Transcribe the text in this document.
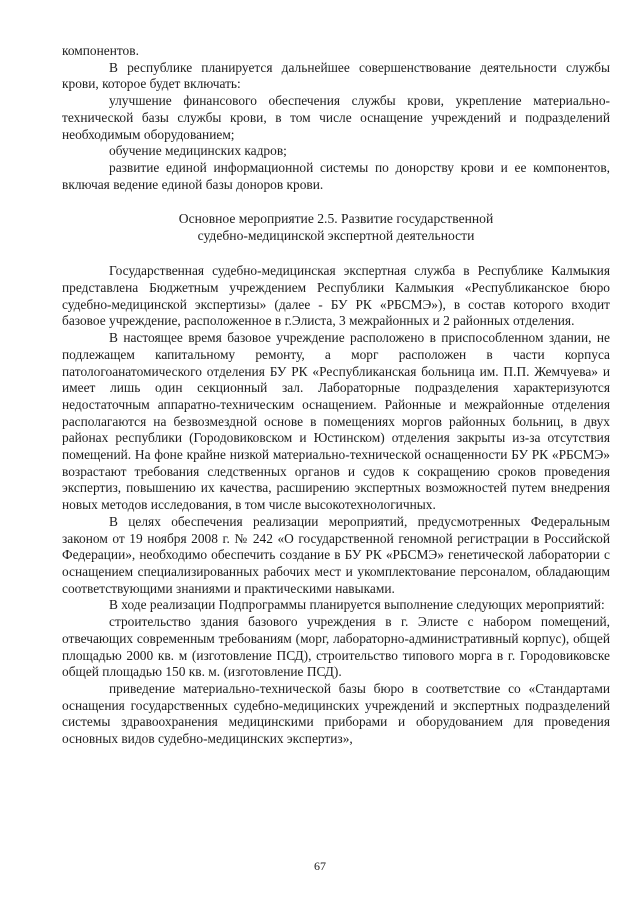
компонентов.

В республике планируется дальнейшее совершенствование деятельности службы крови, которое будет включать:

улучшение финансового обеспечения службы крови, укрепление материально-технической базы службы крови, в том числе оснащение учреждений и подразделений необходимым оборудованием;

обучение медицинских кадров;

развитие единой информационной системы по донорству крови и ее компонентов, включая ведение единой базы доноров крови.

Основное мероприятие 2.5. Развитие государственной
судебно-медицинской экспертной деятельности

Государственная судебно-медицинская экспертная служба в Республике Калмыкия представлена Бюджетным учреждением Республики Калмыкия «Республиканское бюро судебно-медицинской экспертизы» (далее - БУ РК «РБСМЭ»), в состав которого входит базовое учреждение, расположенное в г.Элиста, 3 межрайонных и 2 районных отделения.

В настоящее время базовое учреждение расположено в приспособленном здании, не подлежащем капитальному ремонту, а морг расположен в части корпуса патологоанатомического отделения БУ РК «Республиканская больница им. П.П. Жемчуева» и имеет лишь один секционный зал. Лабораторные подразделения характеризуются недостаточным аппаратно-техническим оснащением. Районные и межрайонные отделения располагаются на безвозмездной основе в помещениях моргов районных больниц, в двух районах республики (Городовиковском и Юстинском) отделения закрыты из-за отсутствия помещений. На фоне крайне низкой материально-технической оснащенности БУ РК «РБСМЭ» возрастают требования следственных органов и судов к сокращению сроков проведения экспертиз, повышению их качества, расширению экспертных возможностей путем внедрения новых методов исследования, в том числе высокотехнологичных.

В целях обеспечения реализации мероприятий, предусмотренных Федеральным законом от 19 ноября 2008 г. № 242 «О государственной геномной регистрации в Российской Федерации», необходимо обеспечить создание в БУ РК «РБСМЭ» генетической лаборатории с оснащением специализированных рабочих мест и укомплектование персоналом, обладающим соответствующими знаниями и практическими навыками.

В ходе реализации Подпрограммы планируется выполнение следующих мероприятий:

строительство здания базового учреждения в г. Элисте с набором помещений, отвечающих современным требованиям (морг, лабораторно-административный корпус), общей площадью 2000 кв. м (изготовление ПСД), строительство типового морга в г. Городовиковске общей площадью 150 кв. м. (изготовление ПСД).

приведение материально-технической базы бюро в соответствие со «Стандартами оснащения государственных судебно-медицинских учреждений и экспертных подразделений системы здравоохранения медицинскими приборами и оборудованием для проведения основных видов судебно-медицинских экспертиз»,

67
